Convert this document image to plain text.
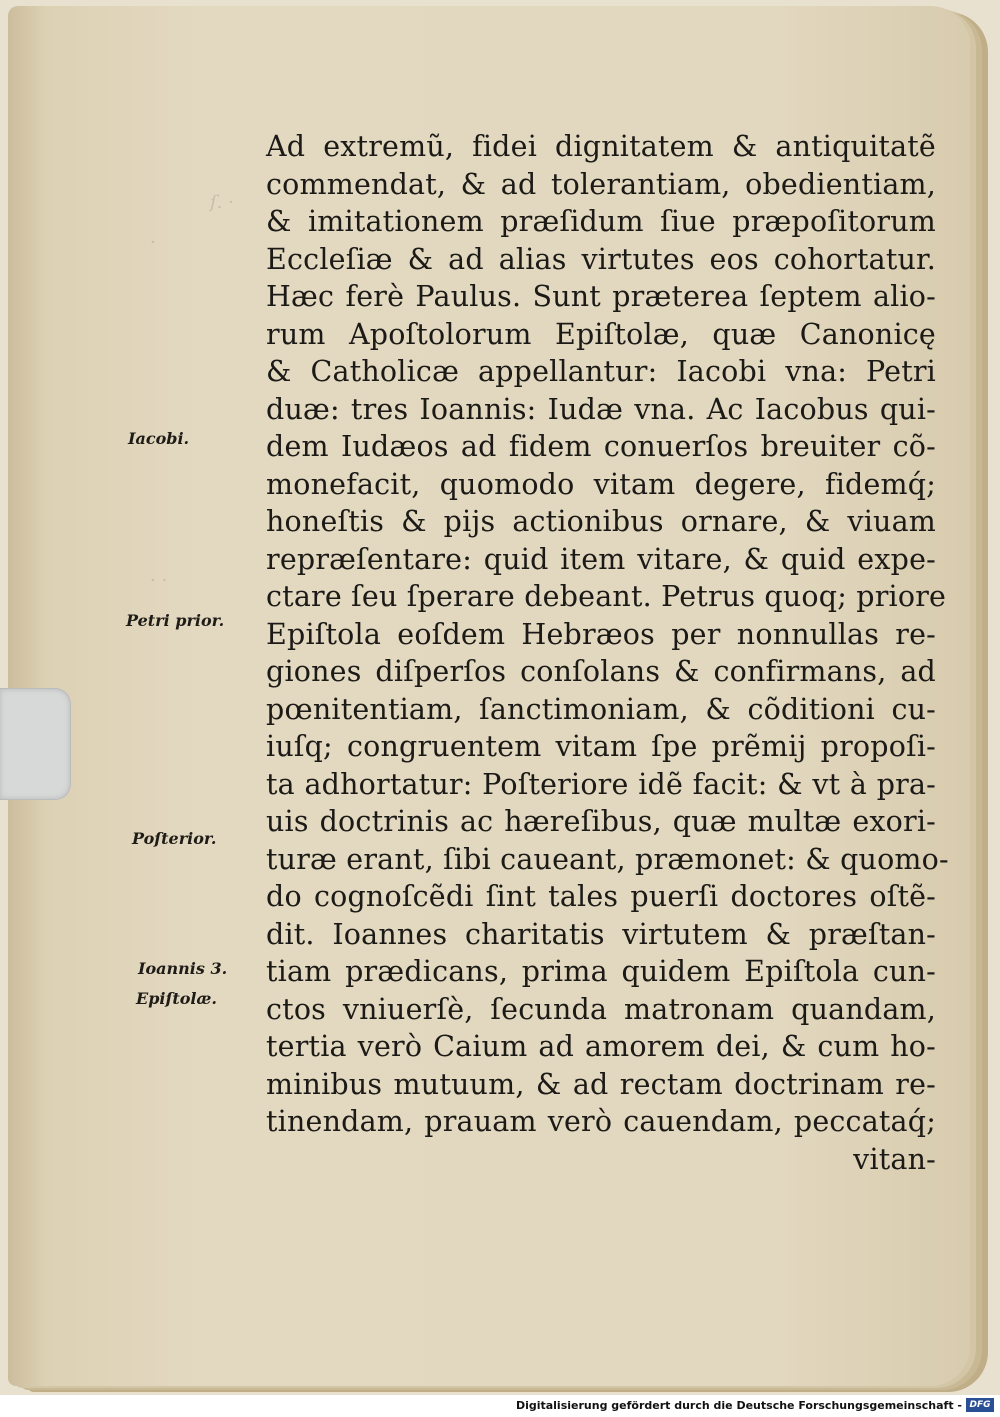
ſ. ·
·
· ·
Ad extremũ, fidei dignitatem & antiquitatẽ
commendat, & ad tolerantiam, obedientiam,
& imitationem præſidum ſiue præpoſitorum
Eccleſiæ & ad alias virtutes eos cohortatur.
Hæc ferè Paulus. Sunt præterea ſeptem alio-
rum Apoſtolorum Epiſtolæ, quæ Canonicę
& Catholicæ appellantur: Iacobi vna: Petri
duæ: tres Ioannis: Iudæ vna. Ac Iacobus qui-
dem Iudæos ad fidem conuerſos breuiter cõ-
monefacit, quomodo vitam degere, fidemq́;
honeſtis & pijs actionibus ornare, & viuam
repræſentare: quid item vitare, & quid expe-
ctare ſeu ſperare debeant. Petrus quoq; priore
Epiſtola eoſdem Hebræos per nonnullas re-
giones diſperſos conſolans & confirmans, ad
pœnitentiam, ſanctimoniam, & cõditioni cu-
iuſq; congruentem vitam ſpe prẽmij propoſi-
ta adhortatur: Poſteriore idẽ facit: & vt à pra-
uis doctrinis ac hæreſibus, quæ multæ exori-
turæ erant, ſibi caueant, præmonet: & quomo-
do cognoſcẽdi ſint tales puerſi doctores oſtẽ-
dit. Ioannes charitatis virtutem & præſtan-
tiam prædicans, prima quidem Epiſtola cun-
ctos vniuerſè, ſecunda matronam quandam,
tertia verò Caium ad amorem dei, & cum ho-
minibus mutuum, & ad rectam doctrinam re-
tinendam, prauam verò cauendam, peccataq́;
vitan-
Iacobi.
Petri prior.
Poſterior.
Ioannis 3.
Epiſtolæ.
Digitalisierung gefördert durch die Deutsche Forschungsgemeinschaft - DFG
